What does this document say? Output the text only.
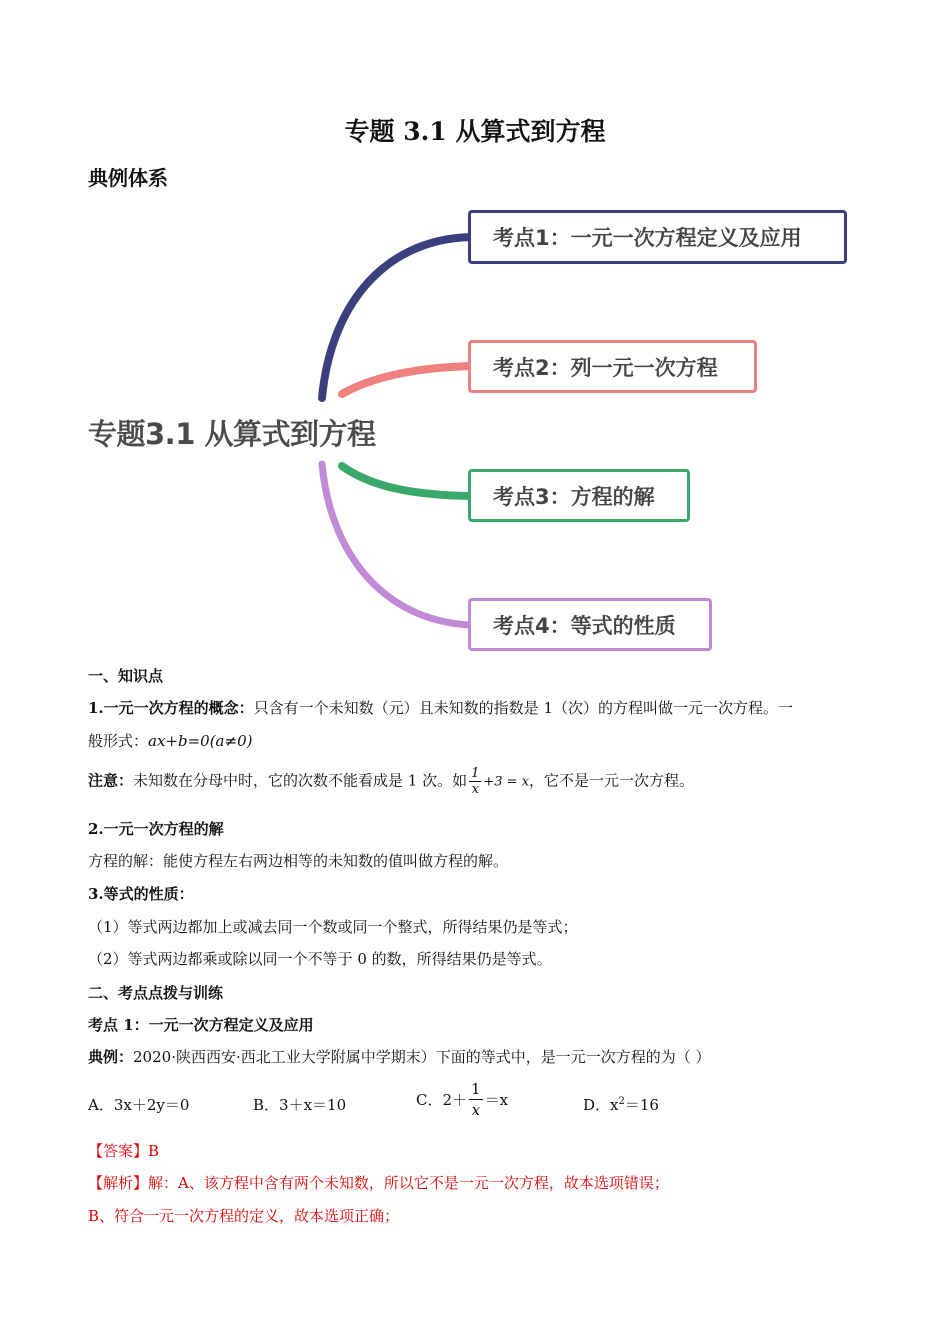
专题 3.1 从算式到方程
典例体系
专题3.1 从算式到方程
考点1：一元一次方程定义及应用
考点2：列一元一次方程
考点3：方程的解
考点4：等式的性质
一、知识点
1.一元一次方程的概念：只含有一个未知数（元）且未知数的指数是 1（次）的方程叫做一元一次方程。一
般形式：ax+b=0(a≠0)
注意：未知数在分母中时，它的次数不能看成是 1 次。如 $\frac{1}{x} +3 = x$，它不是一元一次方程。
2.一元一次方程的解
方程的解：能使方程左右两边相等的未知数的值叫做方程的解。
3.等式的性质：
（1）等式两边都加上或减去同一个数或同一个整式，所得结果仍是等式；
（2）等式两边都乘或除以同一个不等于 0 的数，所得结果仍是等式。
二、考点点拨与训练
考点 1：一元一次方程定义及应用
典例：2020·陕西西安·西北工业大学附属中学期末）下面的等式中，是一元一次方程的为（ ）
A．3x＋2y＝0	B．3＋x＝10	C．$2+ \frac{1}{x} =x$	D．$x^2=16$
【答案】B
【解析】解：A、该方程中含有两个未知数，所以它不是一元一次方程，故本选项错误；
B、符合一元一次方程的定义，故本选项正确；
